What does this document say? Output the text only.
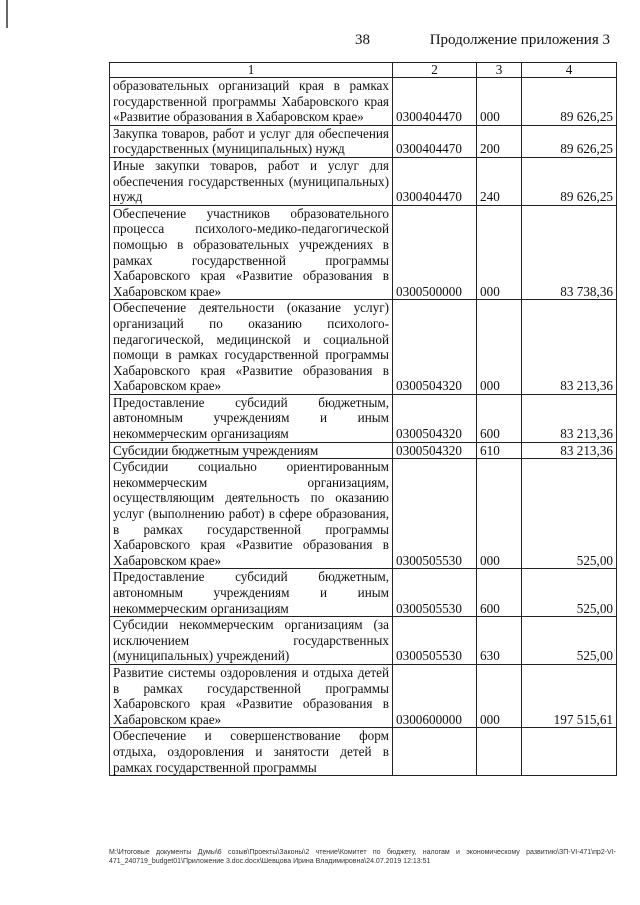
38	Продолжение приложения 3
1	2	3	4
образовательных организаций края в рамках государственной программы Хабаровского края «Развитие образования в Хабаровском крае»	0300404470	000	89 626,25
Закупка товаров, работ и услуг для обеспечения государственных (муниципальных) нужд	0300404470	200	89 626,25
Иные закупки товаров, работ и услуг для обеспечения государственных (муниципальных) нужд	0300404470	240	89 626,25
Обеспечение участников образовательного процесса психолого-медико-педагогической помощью в образовательных учреждениях в рамках государственной программы Хабаровского края «Развитие образования в Хабаровском крае»	0300500000	000	83 738,36
Обеспечение деятельности (оказание услуг) организаций по оказанию психолого-педагогической, медицинской и социальной помощи в рамках государственной программы Хабаровского края «Развитие образования в Хабаровском крае»	0300504320	000	83 213,36
Предоставление субсидий бюджетным, автономным учреждениям и иным некоммерческим организациям	0300504320	600	83 213,36
Субсидии бюджетным учреждениям	0300504320	610	83 213,36
Субсидии социально ориентированным некоммерческим организациям, осуществляющим деятельность по оказанию услуг (выполнению работ) в сфере образования, в рамках государственной программы Хабаровского края «Развитие образования в Хабаровском крае»	0300505530	000	525,00
Предоставление субсидий бюджетным, автономным учреждениям и иным некоммерческим организациям	0300505530	600	525,00
Субсидии некоммерческим организациям (за исключением государственных (муниципальных) учреждений)	0300505530	630	525,00
Развитие системы оздоровления и отдыха детей в рамках государственной программы Хабаровского края «Развитие образования в Хабаровском крае»	0300600000	000	197 515,61
Обеспечение и совершенствование форм отдыха, оздоровления и занятости детей в рамках государственной программы			
M:\Итоговые документы Думы\6 созыв\Проекты\Законы\2 чтение\Комитет по бюджету, налогам и экономическому развитию\ЗП-VI-471\пр2-VI-471_240719_budget01\Приложение 3.doc.docx\Шевцова Ирина Владимировна\24.07.2019 12:13:51
